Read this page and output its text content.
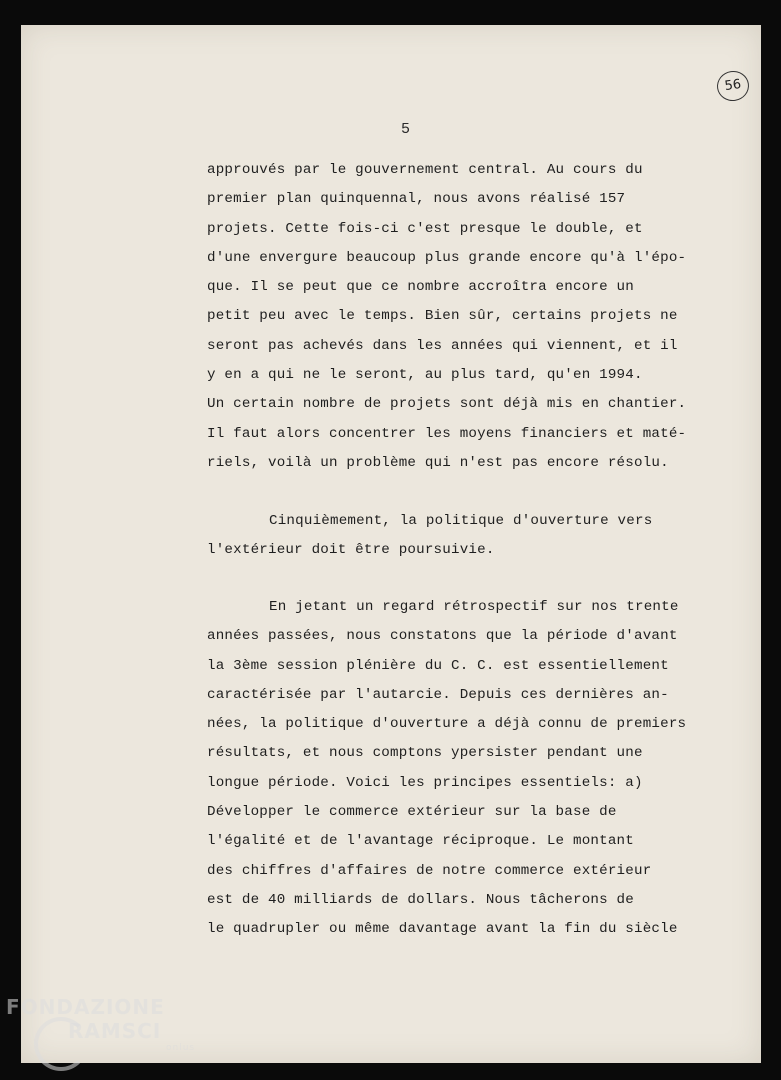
56
5
approuvés par le gouvernement central. Au cours du
premier plan quinquennal, nous avons réalisé 157
projets. Cette fois-ci c'est presque le double, et
d'une envergure beaucoup plus grande encore qu'à l'épo-
que. Il se peut que ce nombre accroîtra encore un
petit peu avec le temps. Bien sûr, certains projets ne
seront pas achevés dans les années qui viennent, et il
y en a qui ne le seront, au plus tard, qu'en 1994.
Un certain nombre de projets sont déjà mis en chantier.
Il faut alors concentrer les moyens financiers et maté-
riels, voilà un problème qui n'est pas encore résolu.
Cinquièmement, la politique d'ouverture vers
l'extérieur doit être poursuivie.
En jetant un regard rétrospectif sur nos trente
années passées, nous constatons que la période d'avant
la 3ème session plénière du C. C. est essentiellement
caractérisée par l'autarcie. Depuis ces dernières an-
nées, la politique d'ouverture a déjà connu de premiers
résultats, et nous comptons ypersister pendant une
longue période. Voici les principes essentiels: a)
Développer le commerce extérieur sur la base de
l'égalité et de l'avantage réciproque. Le montant
des chiffres d'affaires de notre commerce extérieur
est de 40 milliards de dollars. Nous tâcherons de
le quadrupler ou même davantage avant la fin du siècle
FONDAZIONE
RAMSCI
onlus
